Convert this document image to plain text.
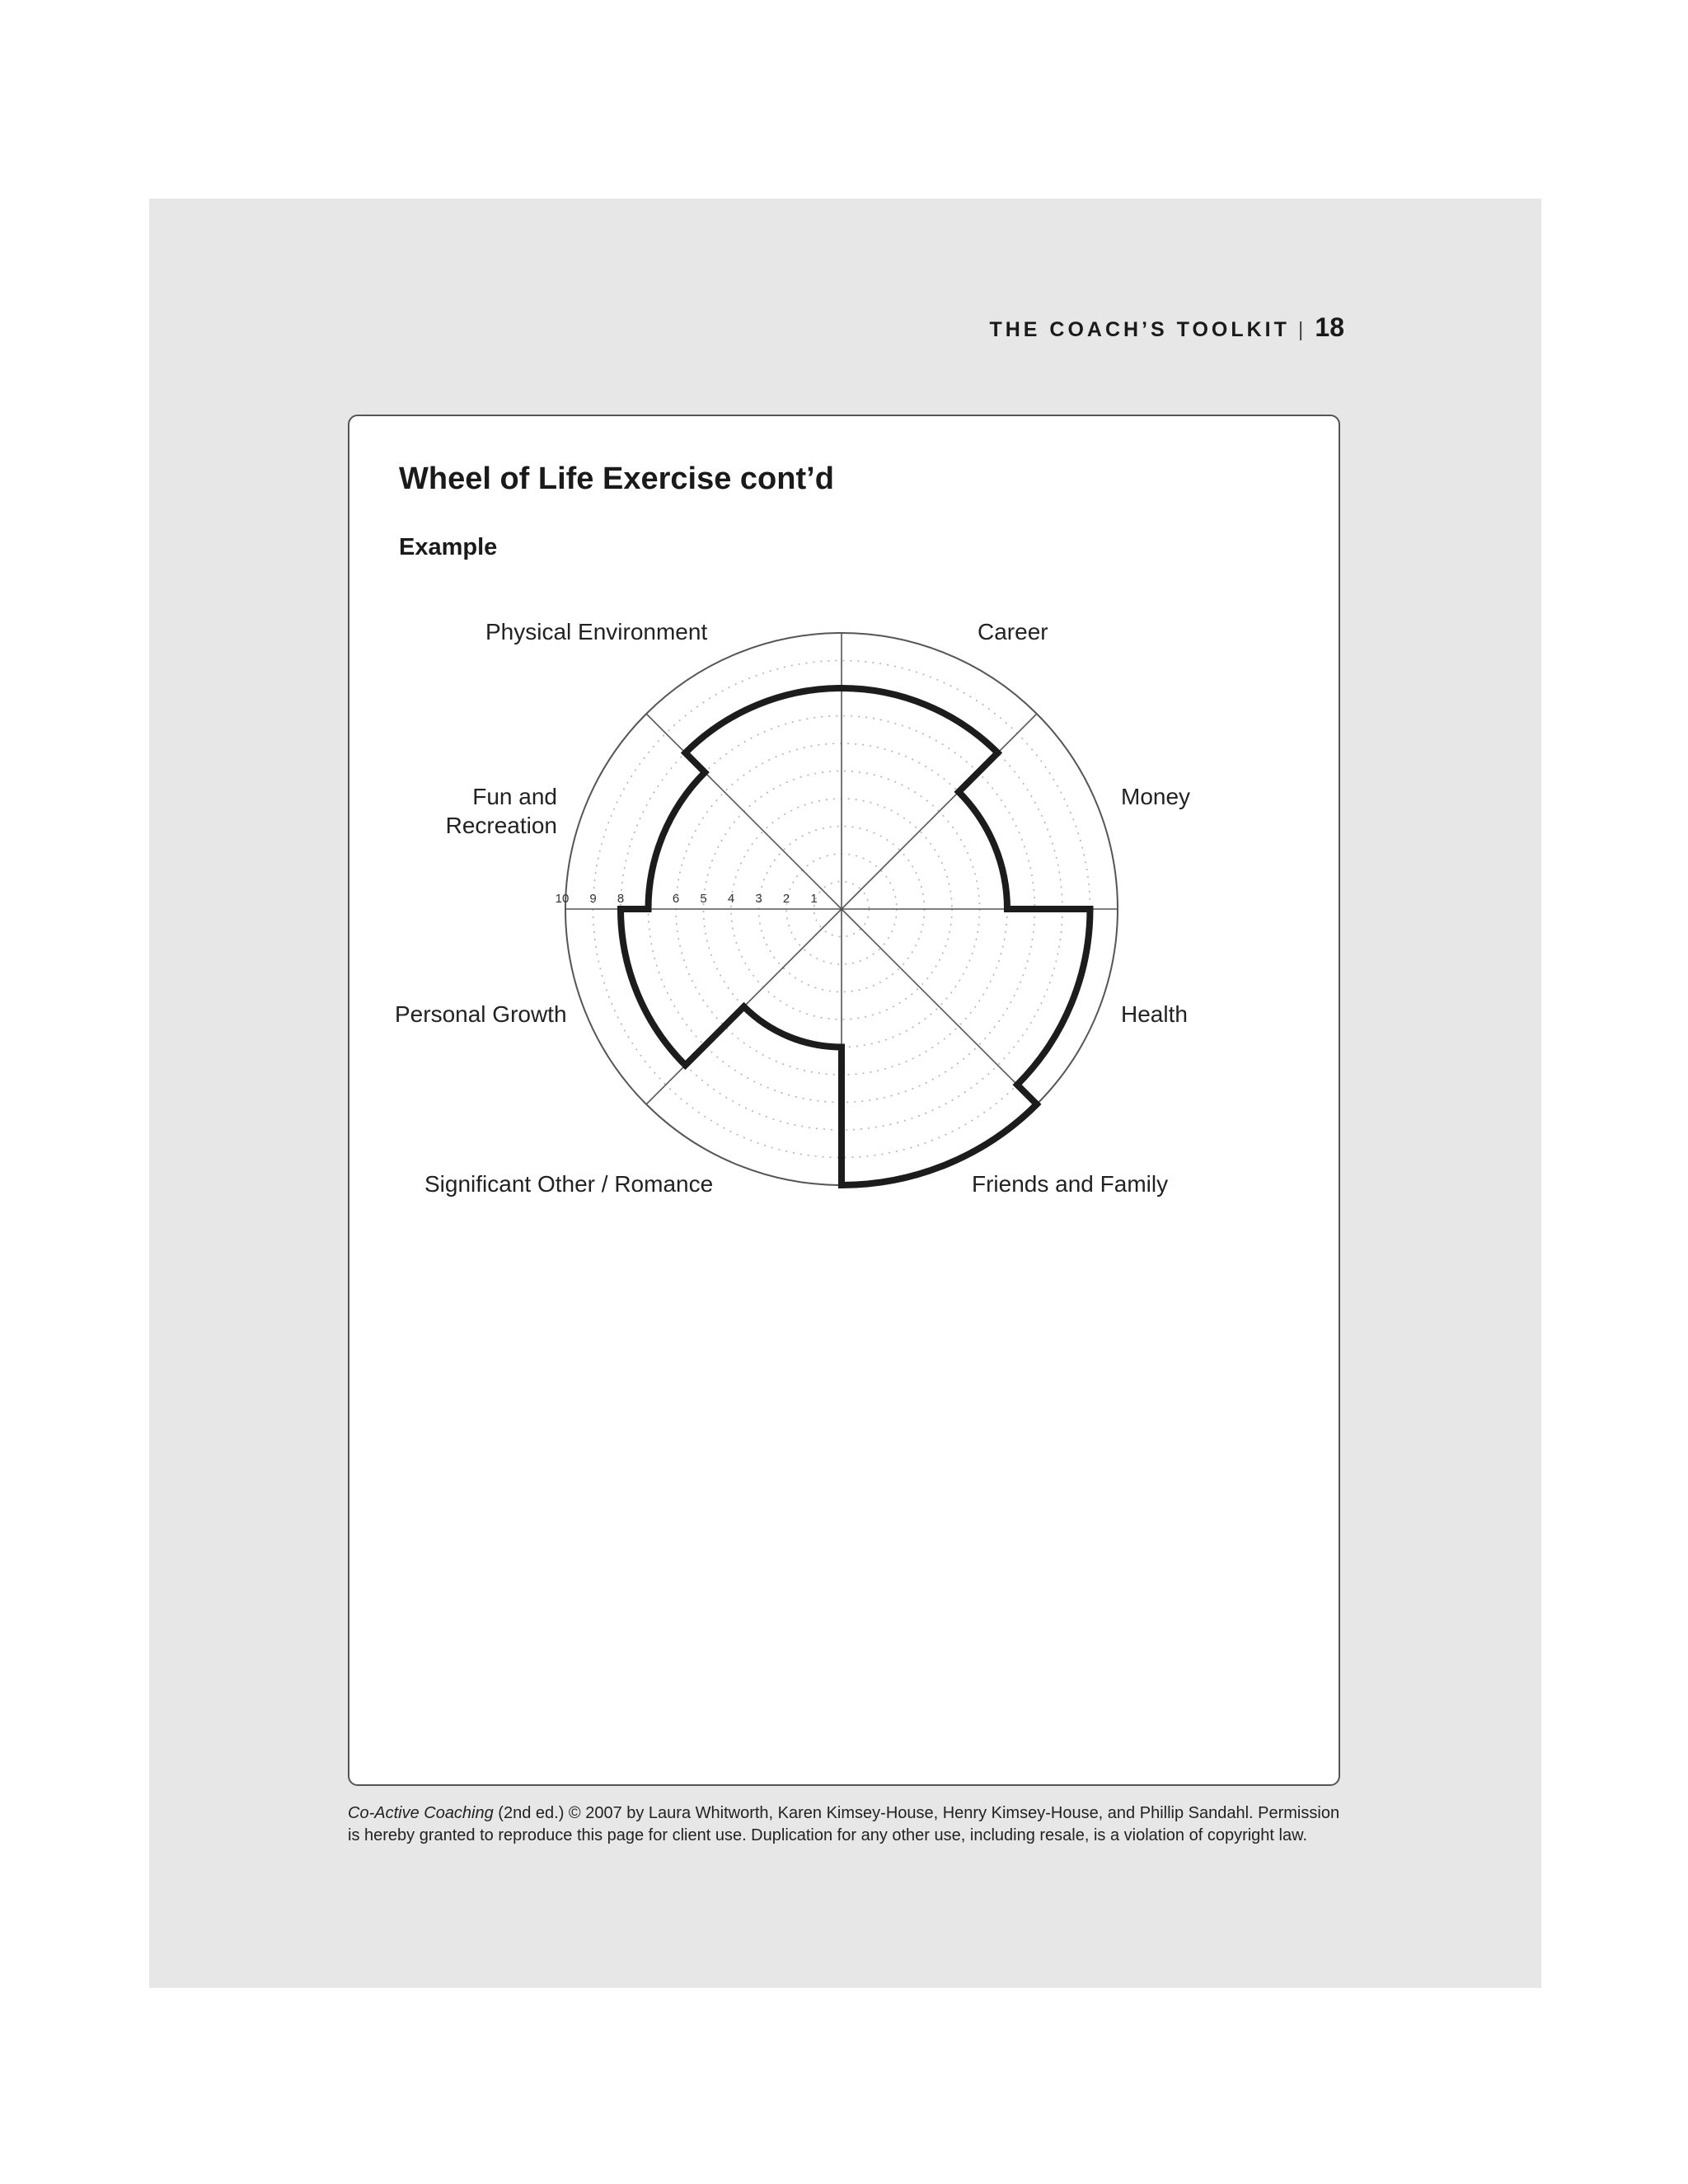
THE COACH’S TOOLKIT | 18
Wheel of Life Exercise cont’d
Example
10 9 8 7 6 5 4 3 2 1
Career
Money
Health
Friends and Family
Significant Other / Romance
Personal Growth
Fun and
Recreation
Physical Environment
Co-Active Coaching (2nd ed.) © 2007 by Laura Whitworth, Karen Kimsey-House, Henry Kimsey-House, and Phillip Sandahl. Permission
is hereby granted to reproduce this page for client use. Duplication for any other use, including resale, is a violation of copyright law.
